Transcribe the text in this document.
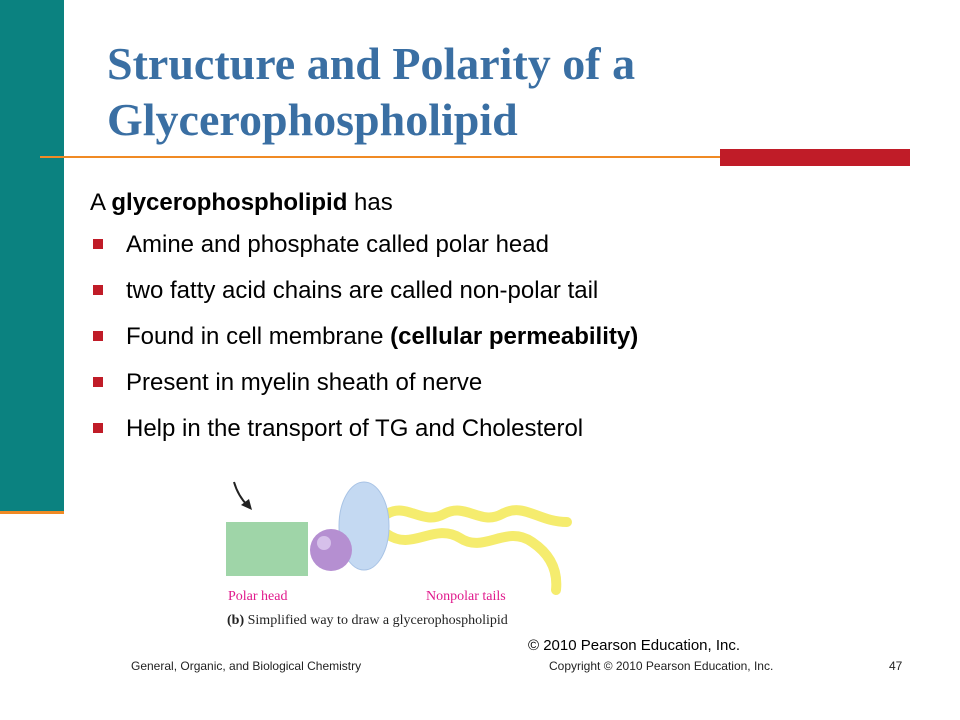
Structure and Polarity of a Glycerophospholipid
A glycerophospholipid has
Amine and phosphate called polar head
two fatty acid chains are called non-polar tail
Found in cell membrane (cellular permeability)
Present in myelin sheath of nerve
Help in the transport of TG and Cholesterol
Polar head	Nonpolar tails
(b) Simplified way to draw a glycerophospholipid
© 2010 Pearson Education, Inc.
General, Organic, and Biological Chemistry	Copyright © 2010 Pearson Education, Inc.	47
